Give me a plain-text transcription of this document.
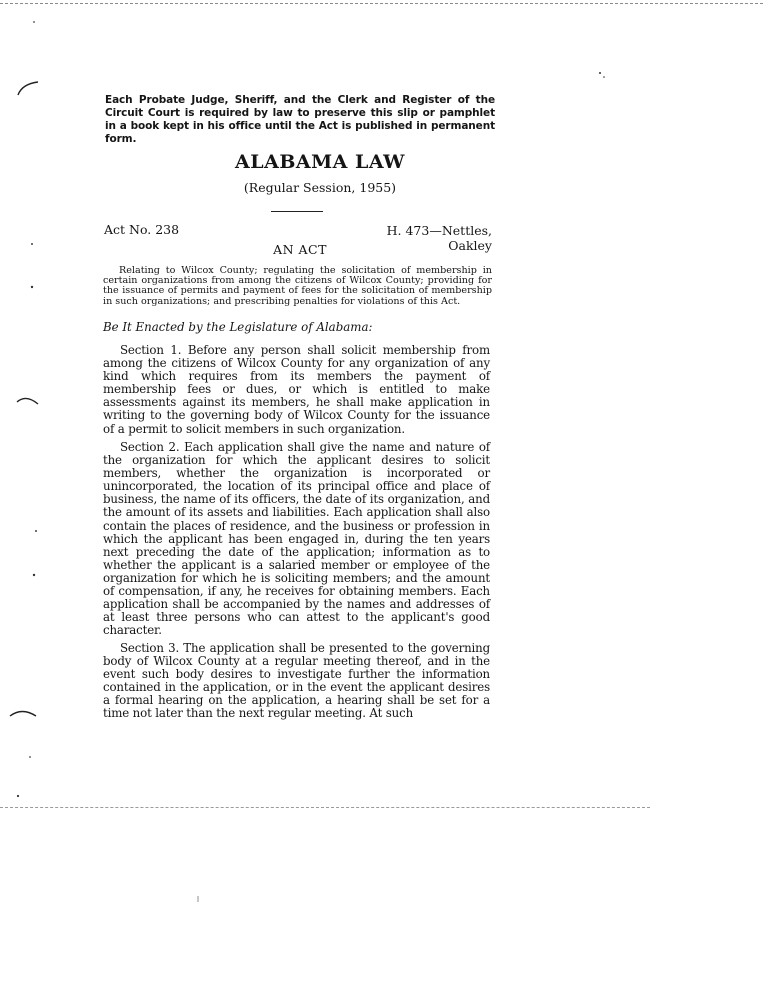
Each Probate Judge, Sheriff, and the Clerk and Register of the Circuit Court is required by law to preserve this slip or pamphlet in a book kept in his office until the Act is published in permanent form.
ALABAMA LAW
(Regular Session, 1955)
Act No. 238	H. 473—Nettles, Oakley
AN ACT

Relating to Wilcox County; regulating the solicitation of membership in certain organizations from among the citizens of Wilcox County; providing for the issuance of permits and payment of fees for the solicitation of membership in such organizations; and prescribing penalties for violations of this Act.

Be It Enacted by the Legislature of Alabama:

Section 1. Before any person shall solicit membership from among the citizens of Wilcox County for any organization of any kind which requires from its members the payment of membership fees or dues, or which is entitled to make assessments against its members, he shall make application in writing to the governing body of Wilcox County for the issuance of a permit to solicit members in such organization.

Section 2. Each application shall give the name and nature of the organization for which the applicant desires to solicit members, whether the organization is incorporated or unincorporated, the location of its principal office and place of business, the name of its officers, the date of its organization, and the amount of its assets and liabilities. Each application shall also contain the places of residence, and the business or profession in which the applicant has been engaged in, during the ten years next preceding the date of the application; information as to whether the applicant is a salaried member or employee of the organization for which he is soliciting members; and the amount of compensation, if any, he receives for obtaining members. Each application shall be accompanied by the names and addresses of at least three persons who can attest to the applicant's good character.

Section 3. The application shall be presented to the governing body of Wilcox County at a regular meeting thereof, and in the event such body desires to investigate further the information contained in the application, or in the event the applicant desires a formal hearing on the application, a hearing shall be set for a time not later than the next regular meeting. At such
